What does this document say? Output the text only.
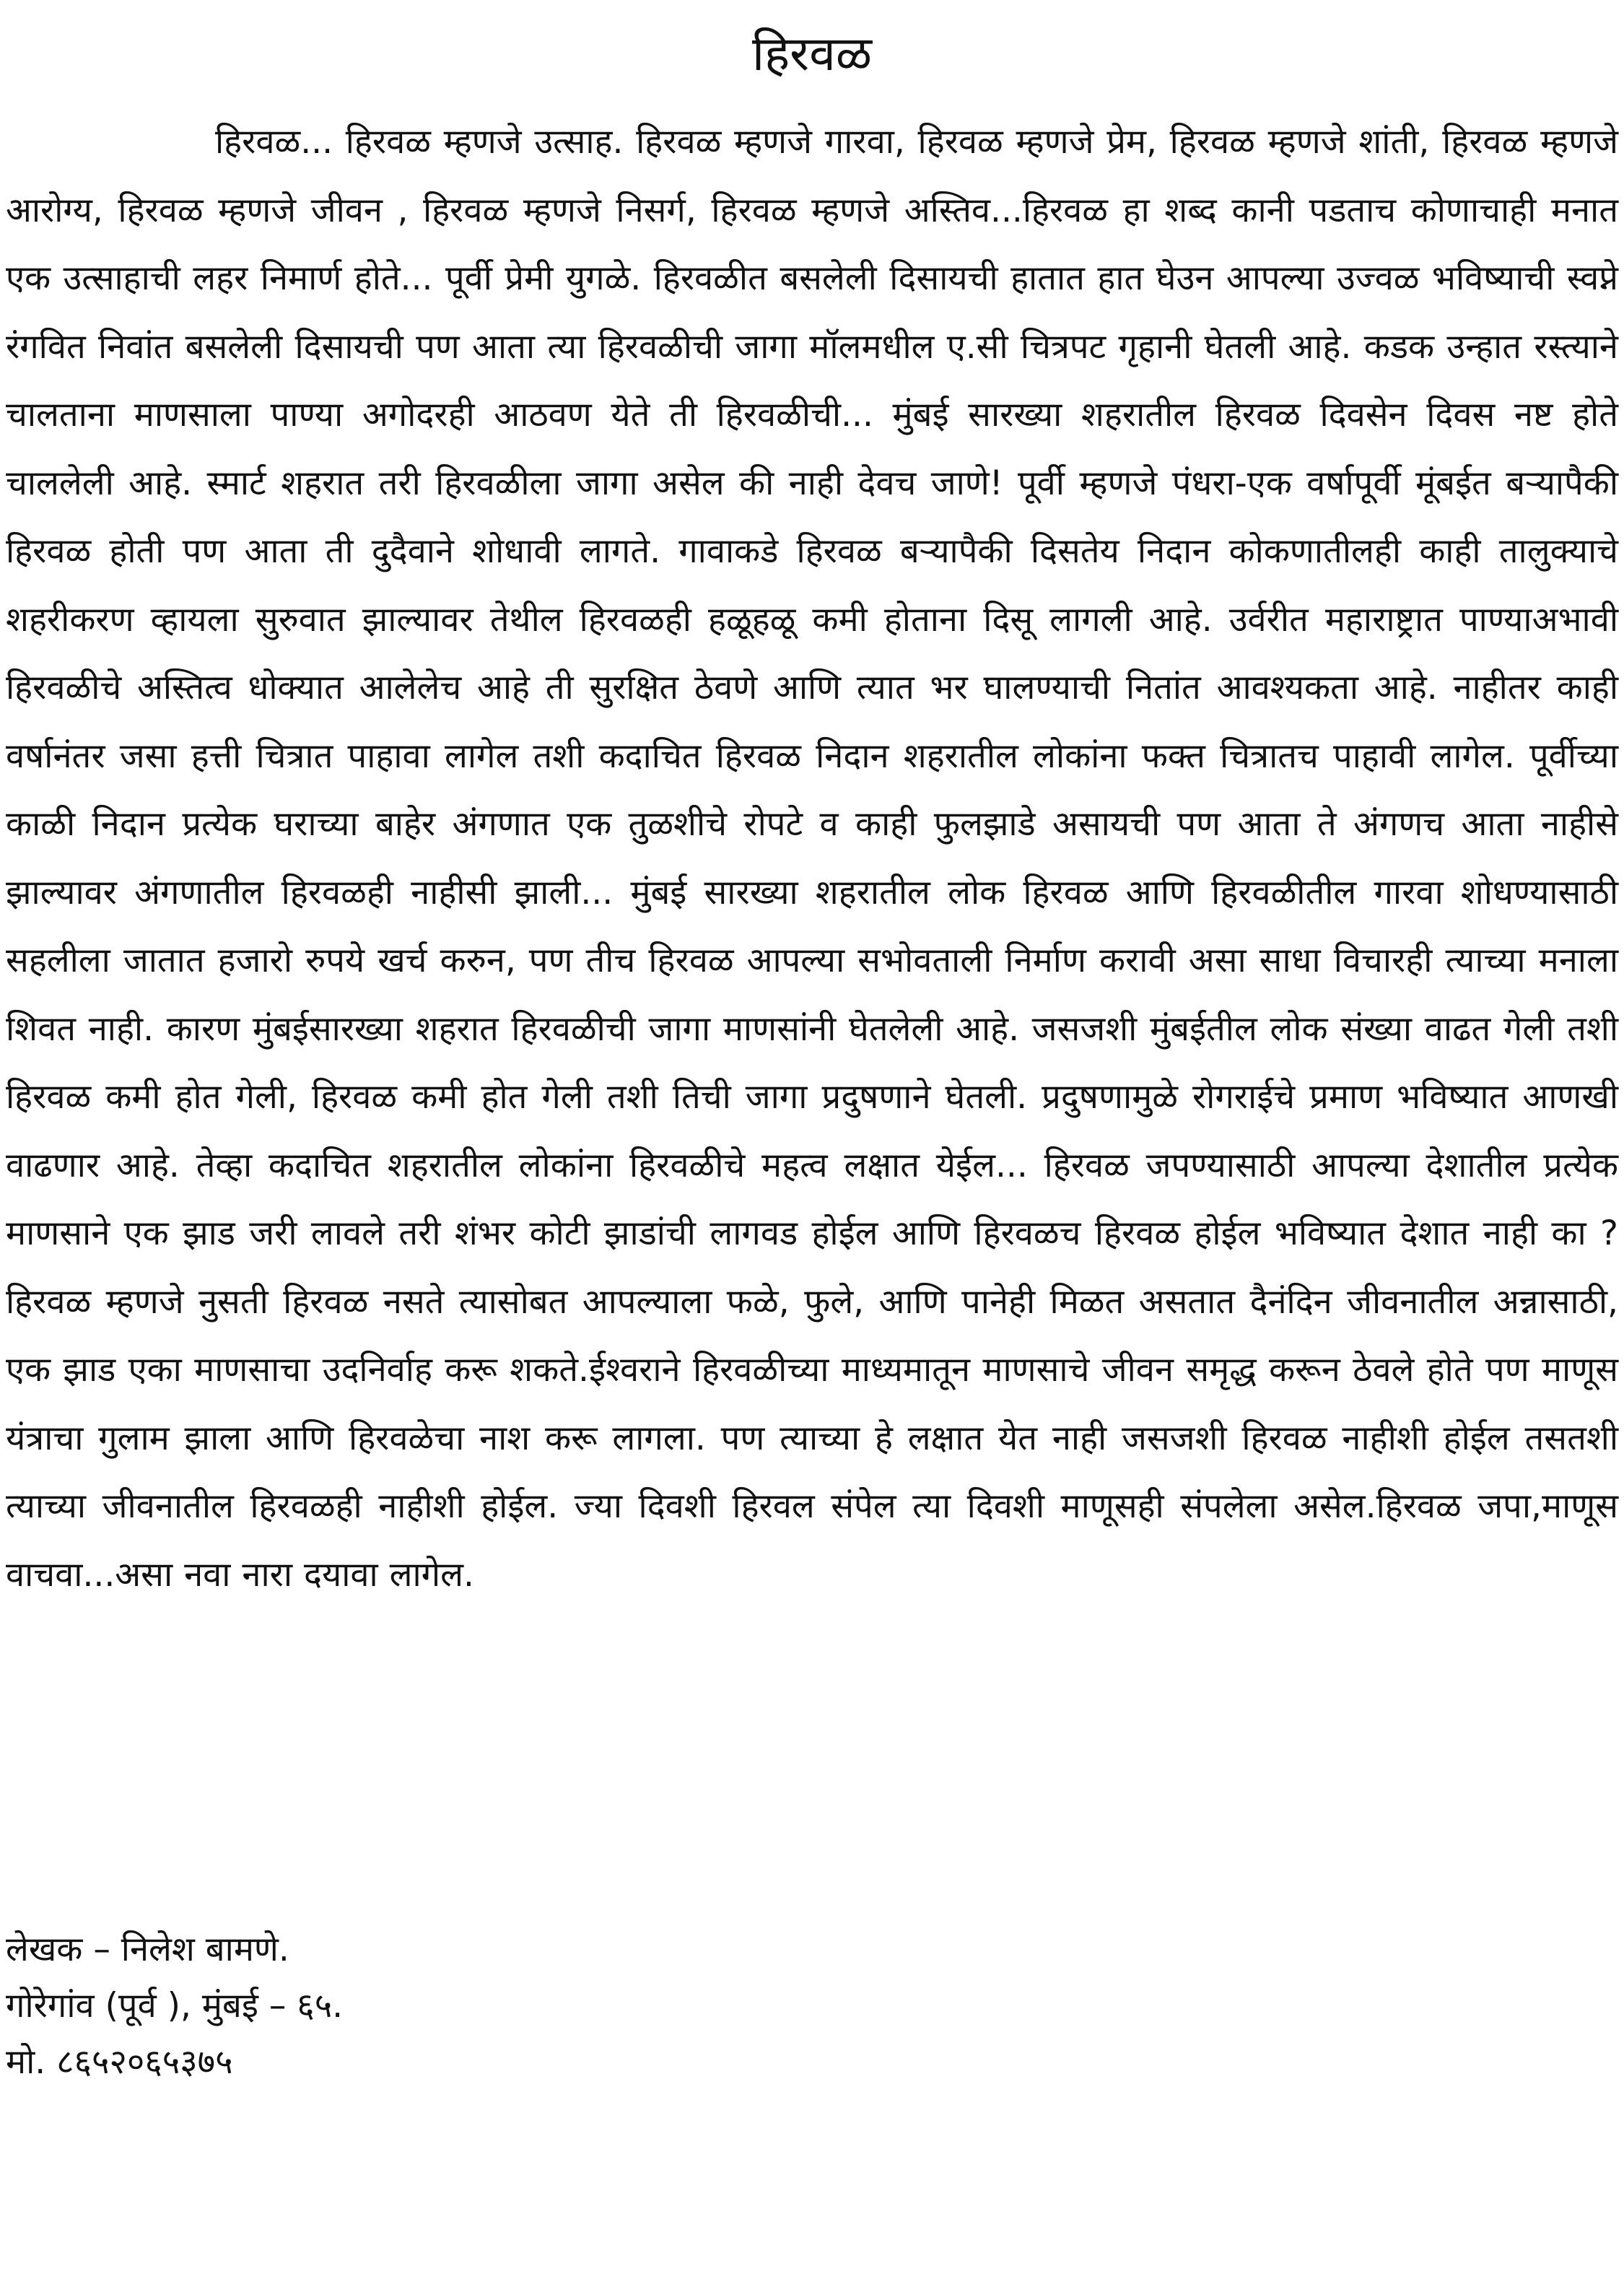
हिरवळ

हिरवळ... हिरवळ म्हणजे उत्साह. हिरवळ म्हणजे गारवा, हिरवळ म्हणजे प्रेम, हिरवळ म्हणजे शांती, हिरवळ म्हणजे आरोग्य, हिरवळ म्हणजे जीवन , हिरवळ म्हणजे निसर्ग, हिरवळ म्हणजे अस्तिव...हिरवळ हा शब्द कानी पडताच कोणाचाही मनात एक उत्साहाची लहर निमार्ण होते... पूर्वी प्रेमी युगळे. हिरवळीत बसलेली दिसायची हातात हात घेउन आपल्या उज्वळ भविष्याची स्वप्ने रंगवित निवांत बसलेली दिसायची पण आता त्या हिरवळीची जागा मॉलमधील ए.सी चित्रपट गृहानी घेतली आहे. कडक उन्हात रस्त्याने चालताना माणसाला पाण्या अगोदरही आठवण येते ती हिरवळीची... मुंबई सारख्या शहरातील हिरवळ दिवसेन दिवस नष्ट होते चाललेली आहे. स्मार्ट शहरात तरी हिरवळीला जागा असेल की नाही देवच जाणे! पूर्वी म्हणजे पंधरा-एक वर्षापूर्वी मूंबईत बऱ्यापैकी हिरवळ होती पण आता ती दुदैवाने शोधावी लागते. गावाकडे हिरवळ बऱ्यापैकी दिसतेय निदान कोकणातीलही काही तालुक्याचे शहरीकरण व्हायला सुरुवात झाल्यावर तेथील हिरवळही हळूहळू कमी होताना दिसू लागली आहे. उर्वरीत महाराष्ट्रात पाण्याअभावी हिरवळीचे अस्तित्व धोक्यात आलेलेच आहे ती सुरक्षित ठेवणे आणि त्यात भर घालण्याची नितांत आवश्यकता आहे. नाहीतर काही वर्षानंतर जसा हत्ती चित्रात पाहावा लागेल तशी कदाचित हिरवळ निदान शहरातील लोकांना फक्त चित्रातच पाहावी लागेल. पूर्वीच्या काळी निदान प्रत्येक घराच्या बाहेर अंगणात एक तुळशीचे रोपटे व काही फुलझाडे असायची पण आता ते अंगणच आता नाहीसे झाल्यावर अंगणातील हिरवळही नाहीसी झाली... मुंबई सारख्या शहरातील लोक हिरवळ आणि हिरवळीतील गारवा शोधण्यासाठी सहलीला जातात हजारो रुपये खर्च करुन, पण तीच हिरवळ आपल्या सभोवताली निर्माण करावी असा साधा विचारही त्याच्या मनाला शिवत नाही. कारण मुंबईसारख्या शहरात हिरवळीची जागा माणसांनी घेतलेली आहे. जसजशी मुंबईतील लोक संख्या वाढत गेली तशी हिरवळ कमी होत गेली, हिरवळ कमी होत गेली तशी तिची जागा प्रदुषणाने घेतली. प्रदुषणामुळे रोगराईचे प्रमाण भविष्यात आणखी वाढणार आहे. तेव्हा कदाचित शहरातील लोकांना हिरवळीचे महत्व लक्षात येईल... हिरवळ जपण्यासाठी आपल्या देशातील प्रत्येक माणसाने एक झाड जरी लावले तरी शंभर कोटी झाडांची लागवड होईल आणि हिरवळच हिरवळ होईल भविष्यात देशात नाही का ? हिरवळ म्हणजे नुसती हिरवळ नसते त्यासोबत आपल्याला फळे, फुले, आणि पानेही मिळत असतात दैनंदिन जीवनातील अन्नासाठी, एक झाड एका माणसाचा उदनिर्वाह करू शकते.ईश्वराने हिरवळीच्या माध्यमातून माणसाचे जीवन समृद्ध करून ठेवले होते पण माणूस यंत्राचा गुलाम झाला आणि हिरवळेचा नाश करू लागला. पण त्याच्या हे लक्षात येत नाही जसजशी हिरवळ नाहीशी होईल तसतशी त्याच्या जीवनातील हिरवळही नाहीशी होईल. ज्या दिवशी हिरवल संपेल त्या दिवशी माणूसही संपलेला असेल.हिरवळ जपा,माणूस वाचवा...असा नवा नारा दयावा लागेल.

लेखक – निलेश बामणे.
गोरेगांव (पूर्व ), मुंबई – ६५.
मो. ८६५२०६५३७५
